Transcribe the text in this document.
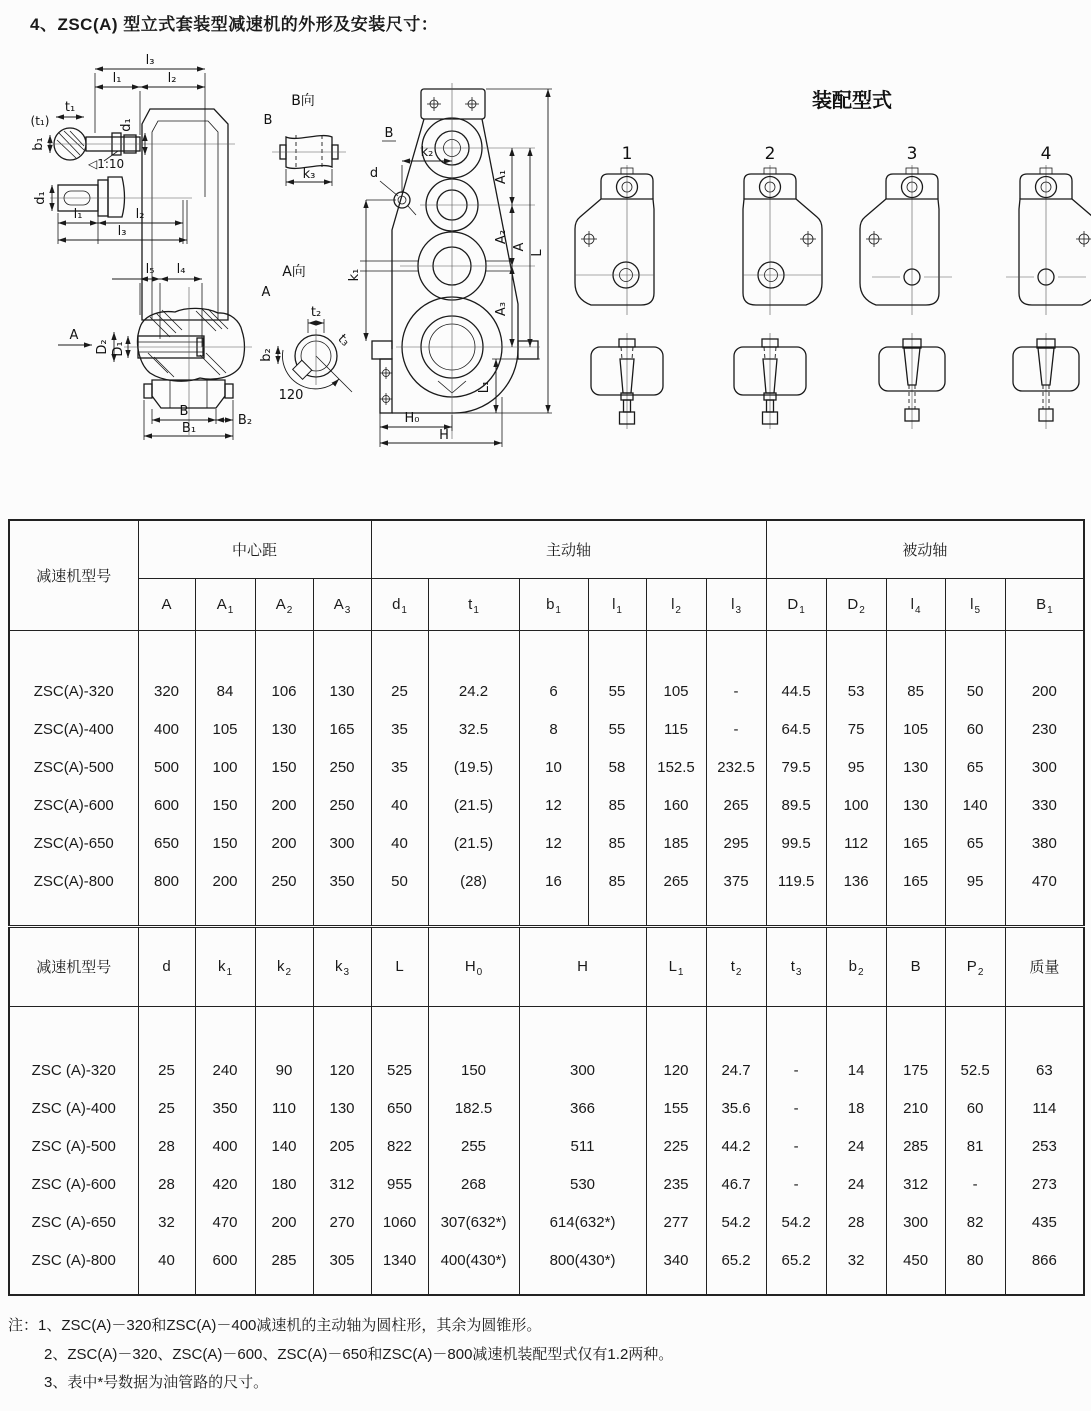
4、ZSC(A) 型立式套装型减速机的外形及安装尺寸：
l₃
l₁	l₂
t₁
(t₁)
b₁
d₁
◁1:10
d₁
l₁	l₂
l₃
l₅ l₄
D₂ D₁
A
B
B₂
B₁
B向
B
k₃
A向
A
t₂
b₂
t₃
120
B
k₂
d
k₁
A₁
A₂
A₃
A
L
L₁
H₀
H
装配型式
1	2	3	4
减速机型号	中心距				主动轴						被动轴				
	A	$A_1$	$A_2$	$A_3$	$d_1$	$t_1$	$b_1$	$l_1$	$l_2$	$l_3$	$D_1$	$D_2$	$l_4$	$l_5$	$B_1$

ZSC(A)-320	320	84	106	130	25	24.2	6	55	105	-	44.5	53	85	50	200
ZSC(A)-400	400	105	130	165	35	32.5	8	55	115	-	64.5	75	105	60	230
ZSC(A)-500	500	100	150	250	35	(19.5)	10	58	152.5	232.5	79.5	95	130	65	300
ZSC(A)-600	600	150	200	250	40	(21.5)	12	85	160	265	89.5	100	130	140	330
ZSC(A)-650	650	150	200	300	40	(21.5)	12	85	185	295	99.5	112	165	65	380
ZSC(A)-800	800	200	250	350	50	(28)	16	85	265	375	119.5	136	165	95	470

减速机型号	d	$k_1$	$k_2$	$k_3$	L	$H_0$	H		$L_1$	$t_2$	$t_3$	$b_2$	B	$P_2$	质量

ZSC (A)-320	25	240	90	120	525	150	300		120	24.7	-	14	175	52.5	63
ZSC (A)-400	25	350	110	130	650	182.5	366		155	35.6	-	18	210	60	114
ZSC (A)-500	28	400	140	205	822	255	511		225	44.2	-	24	285	81	253
ZSC (A)-600	28	420	180	312	955	268	530		235	46.7	-	24	312	-	273
ZSC (A)-650	32	470	200	270	1060	307(632*)	614(632*)		277	54.2	54.2	28	300	82	435
ZSC (A)-800	40	600	285	305	1340	400(430*)	800(430*)		340	65.2	65.2	32	450	80	866

注：1、ZSC(A)－320和ZSC(A)－400减速机的主动轴为圆柱形，其余为圆锥形。
2、ZSC(A)－320、ZSC(A)－600、ZSC(A)－650和ZSC(A)－800减速机装配型式仅有1.2两种。
3、表中*号数据为油管路的尺寸。
